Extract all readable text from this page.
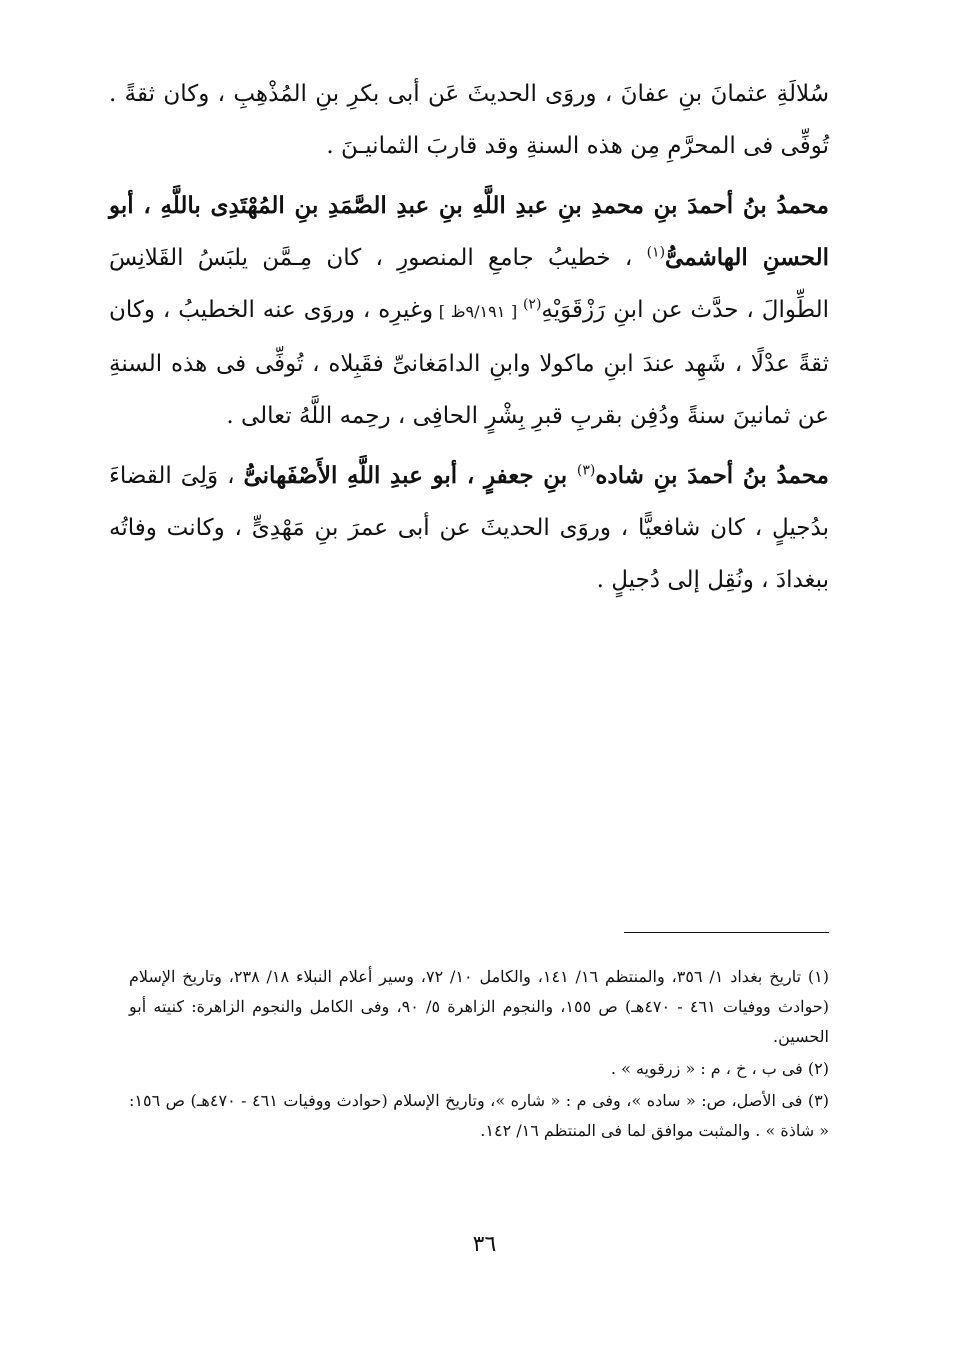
سُلالَةِ عثمانَ بنِ عفانَ ، وروَى الحديثَ عَن أبى بكرِ بنِ المُذْهِبِ ، وكان ثقةً . تُوفِّى فى المحرَّمِ مِن هذه السنةِ وقد قاربَ الثمانيـنَ .

محمدُ بنُ أحمدَ بنِ محمدِ بنِ عبدِ اللَّهِ بنِ عبدِ الصَّمَدِ بنِ المُهْتَدِى باللَّهِ ، أبو الحسنِ الهاشمىُّ$^{(١)}$ ، خطيبُ جامعِ المنصورِ ، كان مِـمَّن يلبَسُ القَلانِسَ الطِّوالَ ، حدَّث عن ابنِ رَزْقَوَيْهِ$^{(٢)}$ [ ٩/١٩١ظ ] وغيرِه ، وروَى عنه الخطيبُ ، وكان ثقةً عدْلًا ، شَهِد عندَ ابنِ ماكولا وابنِ الدامَغانىِّ فقَبِلاه ، تُوفِّى فى هذه السنةِ عن ثمانينَ سنةً ودُفِن بقربِ قبرِ بِشْرٍ الحافِى ، رحِمه اللَّهُ تعالى .

محمدُ بنُ أحمدَ بنِ شاده$^{(٣)}$ بنِ جعفرٍ ، أبو عبدِ اللَّهِ الأَصْفَهانىُّ ، وَلِىَ القضاءَ بدُجيلٍ ، كان شافعيًّا ، وروَى الحديثَ عن أبى عمرَ بنِ مَهْدِىٍّ ، وكانت وفاتُه ببغدادَ ، ونُقِل إلى دُجيلٍ .

(١) تاريخ بغداد ١/ ٣٥٦، والمنتظم ١٦/ ١٤١، والكامل ١٠/ ٧٢، وسير أعلام النبلاء ١٨/ ٢٣٨، وتاريخ الإسلام (حوادث ووفيات ٤٦١ - ٤٧٠هـ) ص ١٥٥، والنجوم الزاهرة ٥/ ٩٠، وفى الكامل والنجوم الزاهرة: كنيته أبو الحسين.

(٢) فى ب ، خ ، م : « زرقويه » .

(٣) فى الأصل، ص: « ساده »، وفى م : « شاره »، وتاريخ الإسلام (حوادث ووفيات ٤٦١ - ٤٧٠هـ) ص ١٥٦: « شاذة » . والمثبت موافق لما فى المنتظم ١٦/ ١٤٢.

٣٦
